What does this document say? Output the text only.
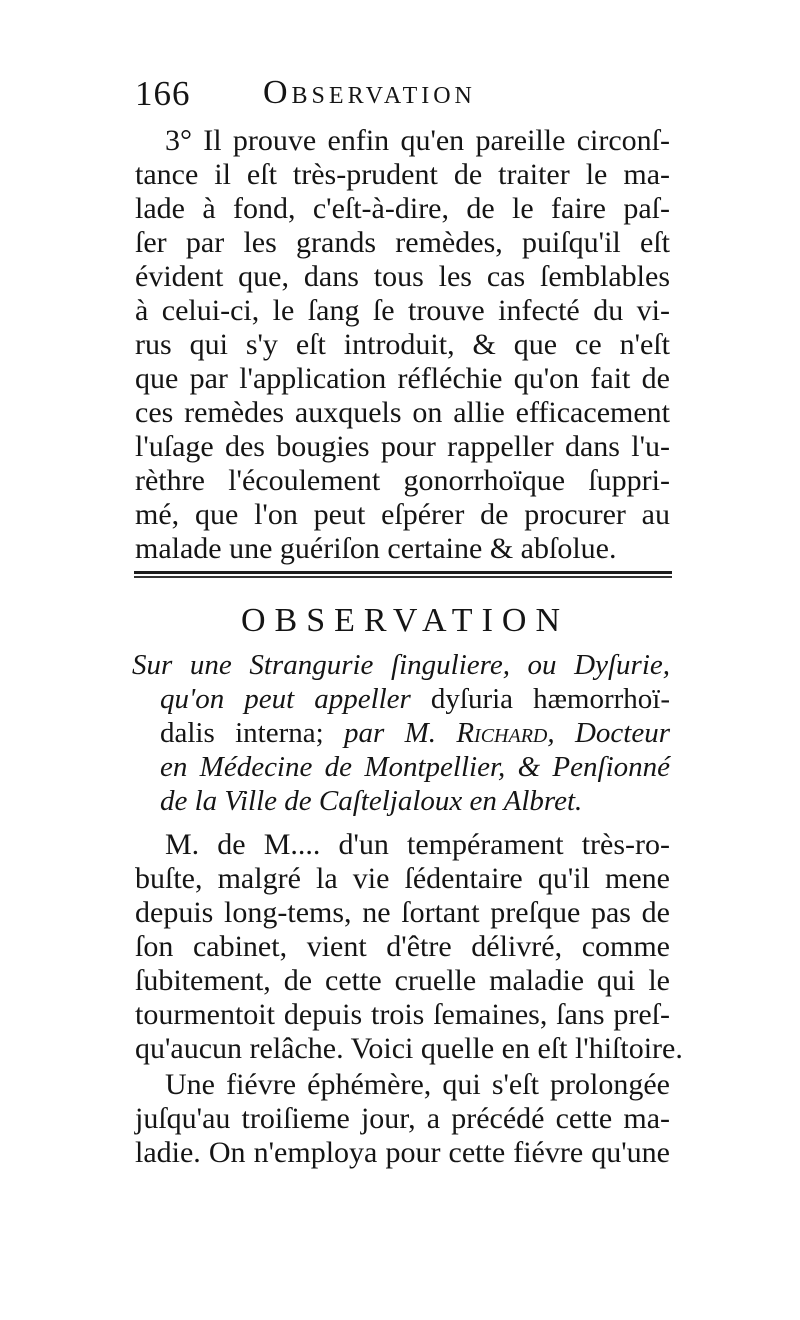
166 Observation
3° Il prouve enfin qu'en pareille circonſ-
tance il eſt très-prudent de traiter le ma-
lade à fond, c'eſt-à-dire, de le faire paſ-
ſer par les grands remèdes, puiſqu'il eſt
évident que, dans tous les cas ſemblables
à celui-ci, le ſang ſe trouve infecté du vi-
rus qui s'y eſt introduit, & que ce n'eſt
que par l'application réfléchie qu'on fait de
ces remèdes auxquels on allie efficacement
l'uſage des bougies pour rappeller dans l'u-
rèthre l'écoulement gonorrhoïque ſuppri-
mé, que l'on peut eſpérer de procurer au
malade une guériſon certaine & abſolue.
OBSERVATION
Sur une Strangurie ſinguliere, ou Dyſurie,
qu'on peut appeller dyſuria hæmorrhoï-
dalis interna; par M. Richard, Docteur
en Médecine de Montpellier, & Penſionné
de la Ville de Caſteljaloux en Albret.
M. de M.... d'un tempérament très-ro-
buſte, malgré la vie ſédentaire qu'il mene
depuis long-tems, ne ſortant preſque pas de
ſon cabinet, vient d'être délivré, comme
ſubitement, de cette cruelle maladie qui le
tourmentoit depuis trois ſemaines, ſans preſ-
qu'aucun relâche. Voici quelle en eſt l'hiſtoire.
Une fiévre éphémère, qui s'eſt prolongée
juſqu'au troiſieme jour, a précédé cette ma-
ladie. On n'employa pour cette fiévre qu'une
